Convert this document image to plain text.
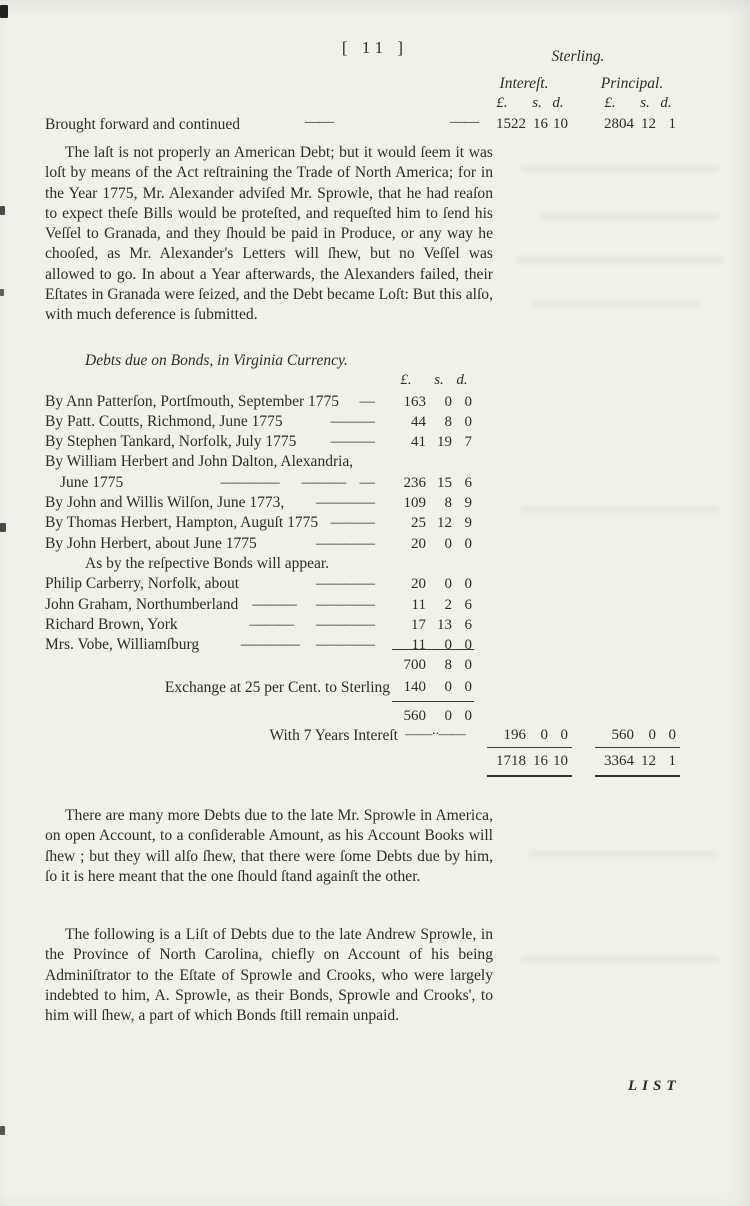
[ 11 ]	Sterling.
Intereſt.	Principal.
£.	s. d.	£.	s. d.
Brought forward and continued	——	——	1522 16 10	2804 12 1
The laſt is not properly an American Debt; but it would ſeem it was loſt by means of the Act reſtraining the Trade of North America; for in the Year 1775, Mr. Alexander adviſed Mr. Sprowle, that he had reaſon to expect theſe Bills would be proteſted, and requeſted him to ſend his Veſſel to Granada, and they ſhould be paid in Produce, or any way he chooſed, as Mr. Alexander's Letters will ſhew, but no Veſſel was allowed to go. In about a Year afterwards, the Alexanders failed, their Eſtates in Granada were ſeized, and the Debt became Loſt: But this alſo, with much deference is ſubmitted.
Debts due on Bonds, in Virginia Currency.
£.	s. d.
By Ann Patterſon, Portſmouth, September 1775	—	163	0 0
By Patt. Coutts, Richmond, June 1775	———	44	8 0
By Stephen Tankard, Norfolk, July 1775	———	41 19 7
By William Herbert and John Dalton, Alexandria,
June 1775	————        ———     —	236 15 6
By John and Willis Wilſon, June 1773,	————	109	8 9
By Thomas Herbert, Hampton, Auguſt 1775 ———	25 12 9
By John Herbert, about June 1775	————	20	0 0
As by the reſpective Bonds will appear.
Philip Carberry, Norfolk, about	————	20	0 0
John Graham, Northumberland ———       ————	11	2 6
Richard Brown, York	———        ————	17 13 6
Mrs. Vobe, Williamſburg	————      ————	11	0 0
700	8 0
Exchange at 25 per Cent. to Sterling 140	0 0
560	0 0
With 7 Years Intereſt ——··——	196 0 0	560 0 0
1718 16 10	3364 12 1
There are many more Debts due to the late Mr. Sprowle in America, on open Account, to a conſiderable Amount, as his Account Books will ſhew ; but they will alſo ſhew, that there were ſome Debts due by him, ſo it is here meant that the one ſhould ſtand againſt the other.
The following is a Liſt of Debts due to the late Andrew Sprowle, in the Province of North Carolina, chiefly on Account of his being Adminiſtrator to the Eſtate of Sprowle and Crooks, who were largely indebted to him, A. Sprowle, as their Bonds, Sprowle and Crooks', to him will ſhew, a part of which Bonds ſtill remain unpaid.
LIST
